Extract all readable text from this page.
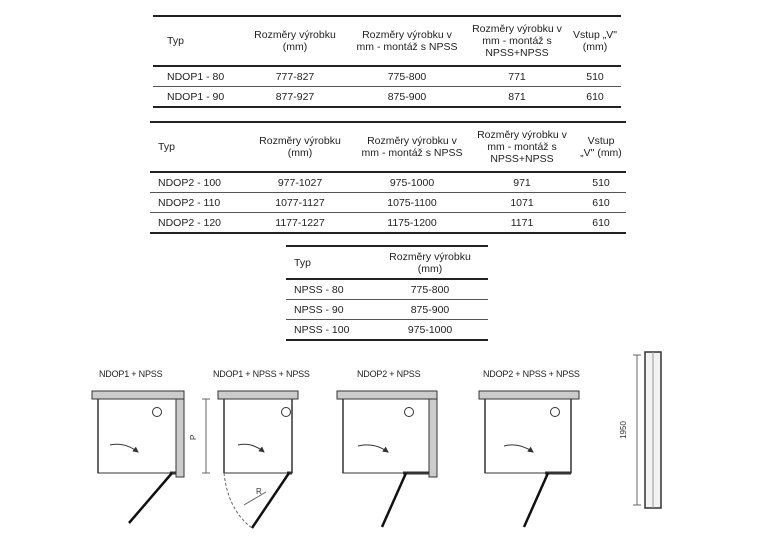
Typ	Rozměry výrobku (mm)	Rozměry výrobku v mm - montáž s NPSS	Rozměry výrobku v mm - montáž s NPSS+NPSS	Vstup „V" (mm)
NDOP1 - 80	777-827	775-800	771	510
NDOP1 - 90	877-927	875-900	871	610
Typ	Rozměry výrobku (mm)	Rozměry výrobku v mm - montáž s NPSS	Rozměry výrobku v mm - montáž s NPSS+NPSS	Vstup „V" (mm)
NDOP2 - 100	977-1027	975-1000	971	510
NDOP2 - 110	1077-1127	1075-1100	1071	610
NDOP2 - 120	1177-1227	1175-1200	1171	610
Typ	Rozměry výrobku (mm)
NPSS - 80	775-800
NPSS - 90	875-900
NPSS - 100	975-1000
NDOP1 + NPSS	NDOP1 + NPSS + NPSS	NDOP2 + NPSS	NDOP2 + NPSS + NPSS
P
R
1950
